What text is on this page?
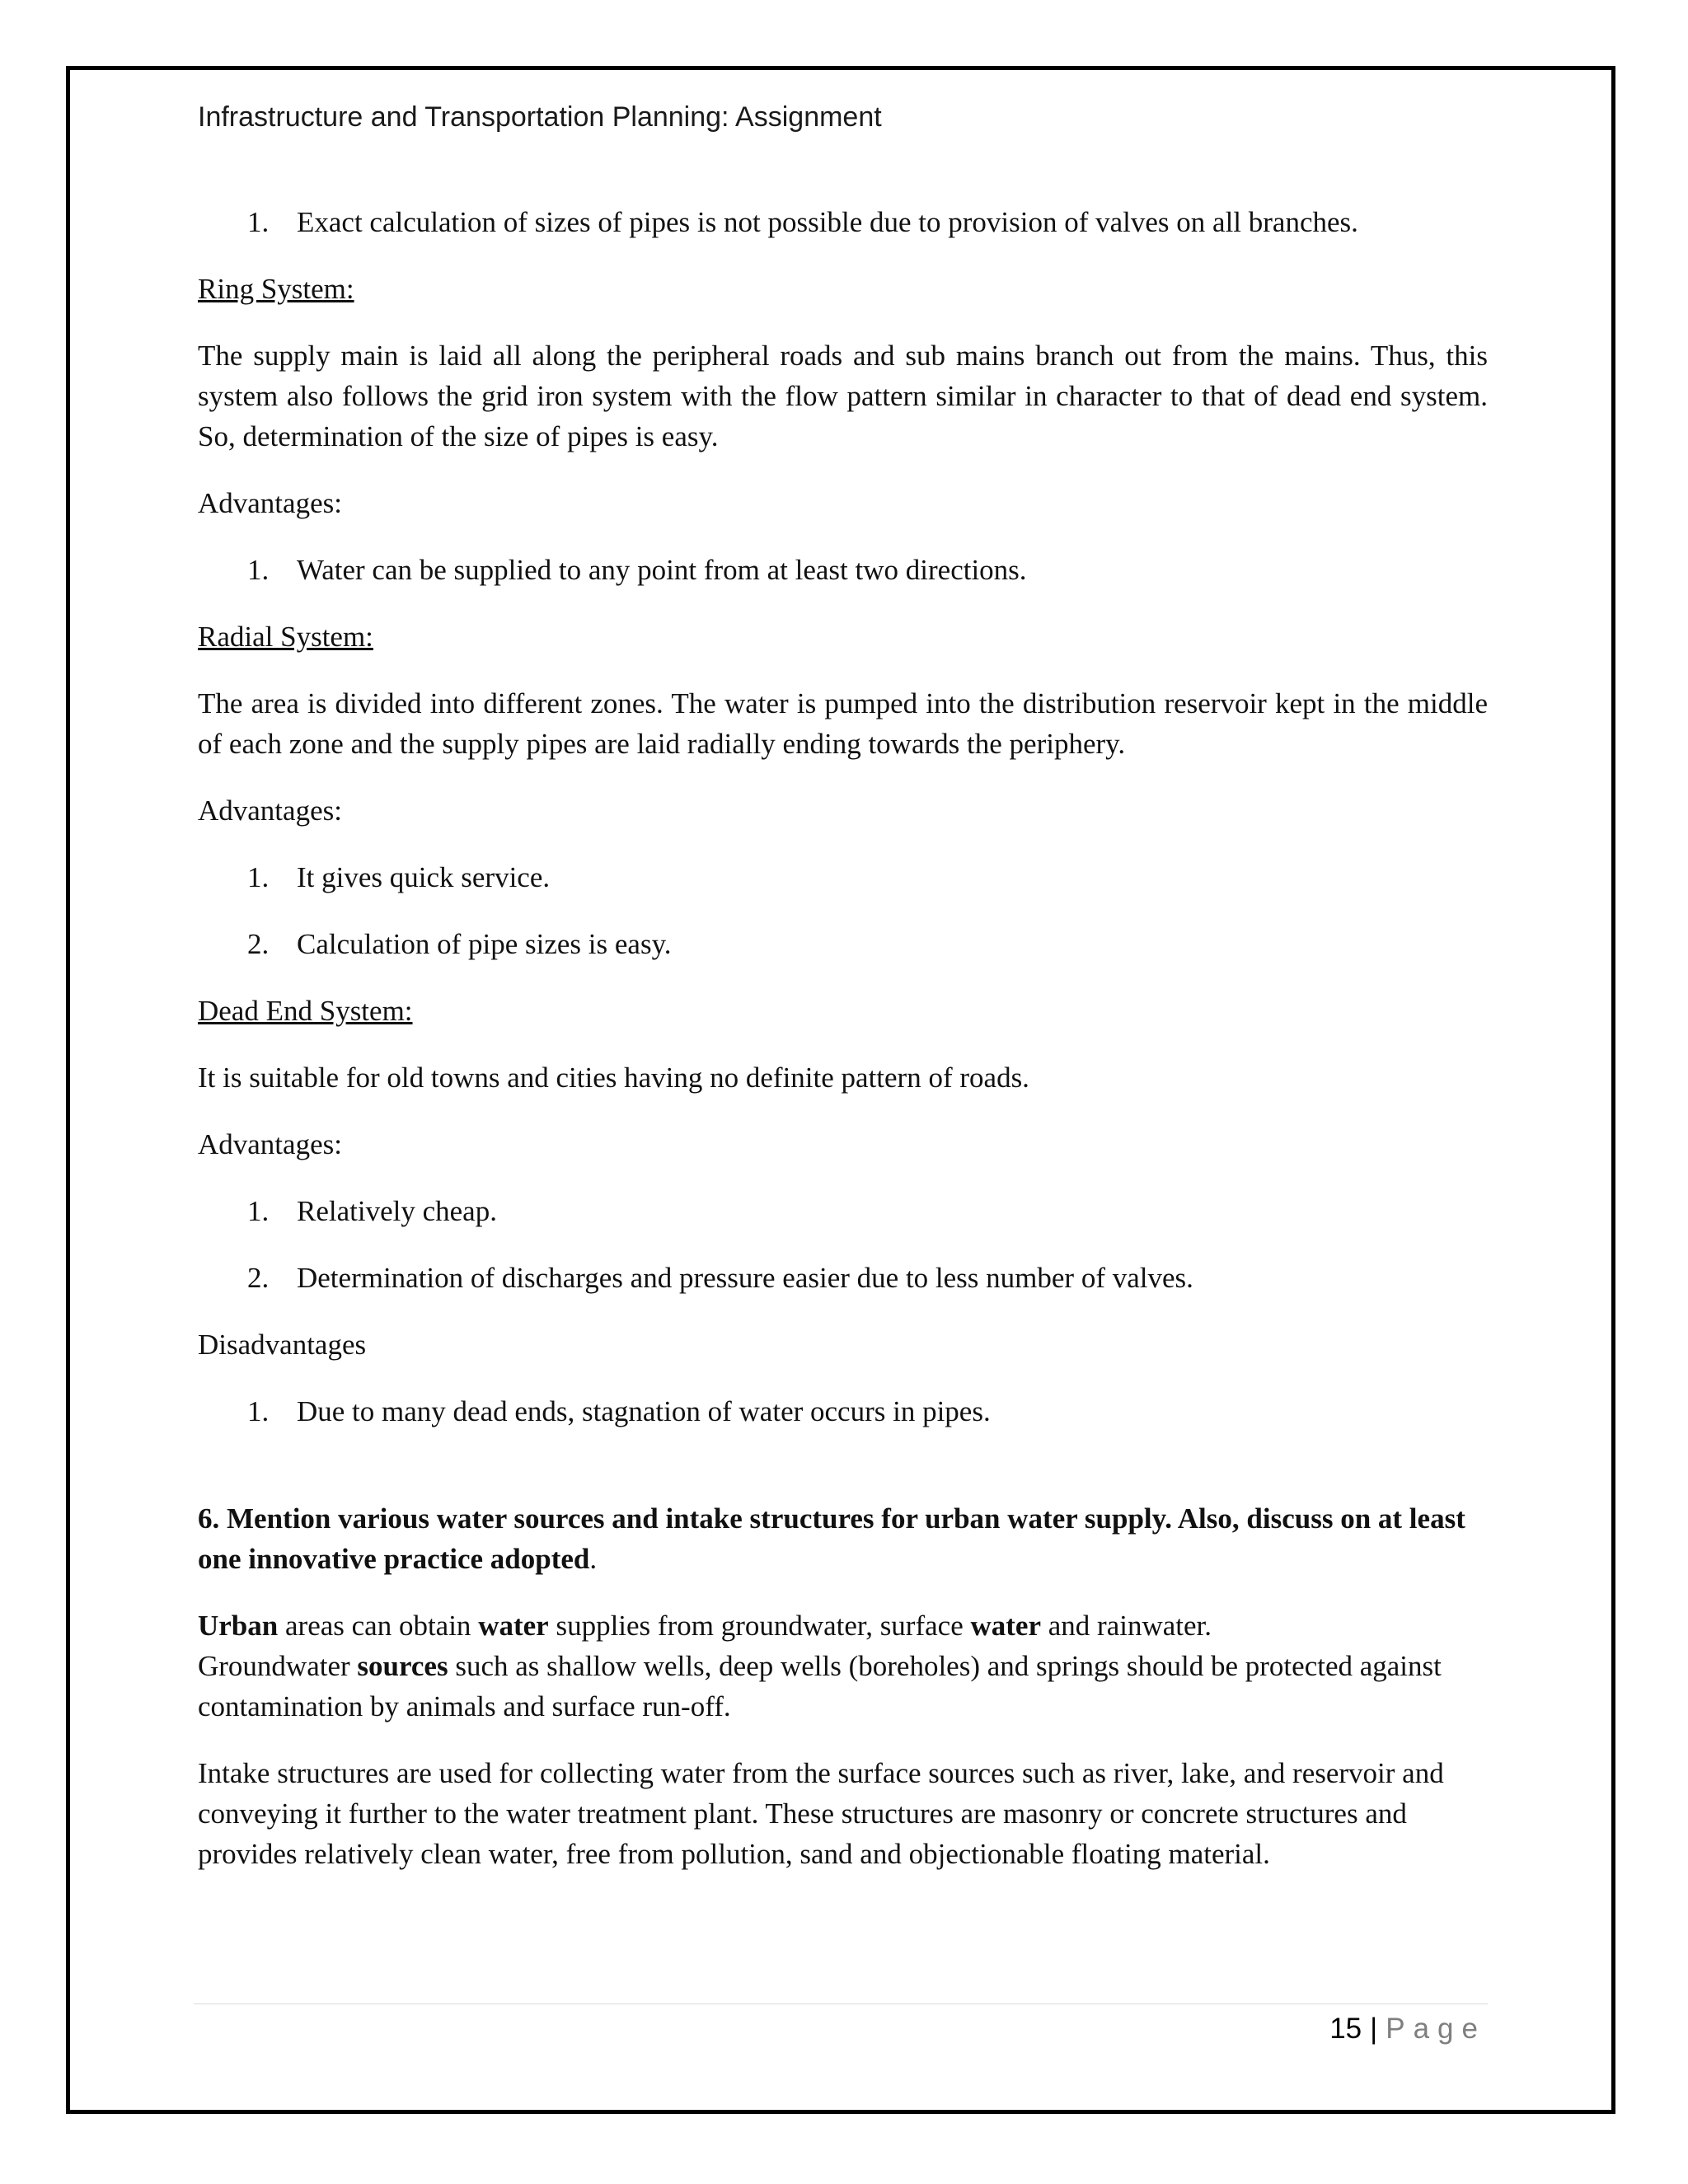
Infrastructure and Transportation Planning: Assignment
1. Exact calculation of sizes of pipes is not possible due to provision of valves on all branches.
Ring System:
The supply main is laid all along the peripheral roads and sub mains branch out from the mains. Thus, this system also follows the grid iron system with the flow pattern similar in character to that of dead end system. So, determination of the size of pipes is easy.
Advantages:
1. Water can be supplied to any point from at least two directions.
Radial System:
The area is divided into different zones. The water is pumped into the distribution reservoir kept in the middle of each zone and the supply pipes are laid radially ending towards the periphery.
Advantages:
1. It gives quick service.
2. Calculation of pipe sizes is easy.
Dead End System:
It is suitable for old towns and cities having no definite pattern of roads.
Advantages:
1. Relatively cheap.
2. Determination of discharges and pressure easier due to less number of valves.
Disadvantages
1. Due to many dead ends, stagnation of water occurs in pipes.
6. Mention various water sources and intake structures for urban water supply. Also, discuss on at least one innovative practice adopted.
Urban areas can obtain water supplies from groundwater, surface water and rainwater.
Groundwater sources such as shallow wells, deep wells (boreholes) and springs should be protected against contamination by animals and surface run-off.
Intake structures are used for collecting water from the surface sources such as river, lake, and reservoir and conveying it further to the water treatment plant. These structures are masonry or concrete structures and provides relatively clean water, free from pollution, sand and objectionable floating material.
15 | Page
